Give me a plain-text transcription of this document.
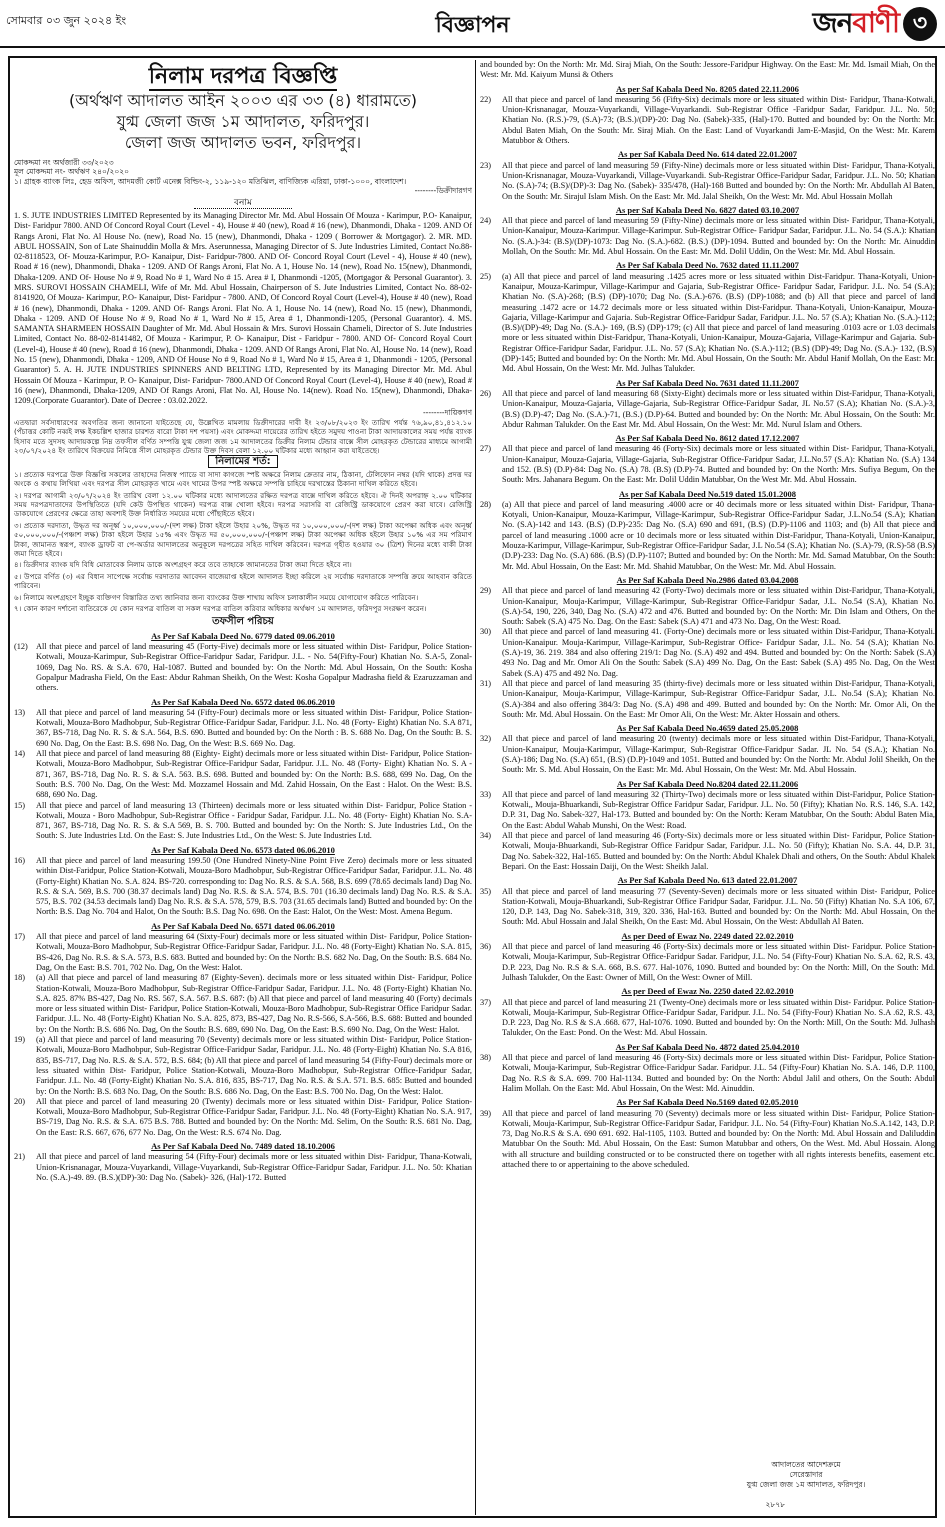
সোমবার ০৩ জুন ২০২৪ ইং	বিজ্ঞাপন	জনবাণী ৩
নিলাম দরপত্র বিজ্ঞপ্তি
(অর্থঋণ আদালত আইন ২০০৩ এর ৩৩ (৪) ধারামতে)
যুগ্ম জেলা জজ ১ম আদালত, ফরিদপুর।
জেলা জজ আদালত ভবন, ফরিদপুর।
মোকদ্দমা নং অর্থজারী ৩৩/২০২৩
মূল মোকদ্দমা নং- অর্থঋণ ২৪০/২০২০
১। গ্রাহক ব্যাংক লিঃ, হেড অফিস, আদমজী কোর্ট এনেক্স বিল্ডিং-২, ১১৯-১২০ মতিঝিল, বাণিজ্যিক এরিয়া, ঢাকা-১০০০, বাংলাদেশ।
--------ডিক্রীদারগণ
বনাম
1. S. JUTE INDUSTRIES LIMITED Represented by its Managing Director Mr. Md. Abul Hossain Of Mouza - Karimpur, P.O- Kanaipur, Dist- Faridpur 7800. AND Of Concord Royal Court (Level - 4), House # 40 (new), Road # 16 (new), Dhanmondi, Dhaka - 1209. AND Of Rangs Aroni, Flat No. Al House No. (new), Road No. 15 (new), Dhanmondi, Dhaka - 1209 ( Borrower & Mortgagor). 2. MR. MD. ABUL HOSSAIN, Son of Late Shainuddin Molla & Mrs. Aserunnessa, Managing Director of S. Jute Industries Limited, Contact No.88-02-8118523, Of- Mouza-Karimpur, P.O- Kanaipur, Dist- Faridpur-7800. AND Of- Concord Royal Court (Level - 4), House # 40 (new), Road # 16 (new), Dhanmondi, Dhaka - 1209. AND Of Rangs Aroni, Flat No. A 1, House No. 14 (new), Road No. 15(new), Dhanmondi, Dhaka-1209. AND Of- House No # 9, Road No # 1, Ward No # 15. Area # I, Dhanmondi -1205, (Mortgagor & Personal Guarantor). 3. MRS. SUROVI HOSSAIN CHAMELI, Wife of Mr. Md. Abul Hossain, Chairperson of S. Jute Industries Limited, Contact No. 88-02-8141920, Of Mouza- Karimpur, P.O- Kanaipur, Dist- Faridpur - 7800. AND, Of Concord Royal Court (Level-4), House # 40 (new), Road # 16 (new), Dhanmondi, Dhaka - 1209. AND Of- Rangs Aroni. Flat No. A 1, House No. 14 (new), Road No. 15 (new), Dhanmondi, Dhaka - 1209. AND Of House No # 9, Road No # 1, Ward No # 15, Area # 1, Dhanmondi-1205, (Personal Guarantor). 4. MS. SAMANTA SHARMEEN HOSSAIN Daughter of Mr. Md. Abul Hossain & Mrs. Surovi Hossain Chameli, Director of S. Jute Industries Limited, Contact No. 88-02-8141482, Of Mouza - Karimpur, P. O- Kanaipur, Dist - Faridpur - 7800. AND Of- Concord Royal Court (Level-4), House # 40 (new), Road # 16 (new), Dhanmondi, Dhaka - 1209. AND Of Rangs Aroni, Flat No. Al, House No. 14 (new), Road No. 15 (new), Dhanmondi, Dhaka - 1209, AND Of House No # 9, Road No # 1, Ward No # 15, Area # 1, Dhanmondi - 1205, (Personal Guarantor) 5. A. H. JUTE INDUSTRIES SPINNERS AND BELTING LTD, Represented by its Managing Director Mr. Md. Abul Hossain Of Mouza - Karimpur, P. O- Kanaipur, Dist- Faridpur- 7800.AND Of Concord Royal Court (Level-4), House # 40 (new), Road # 16 (new), Dhanmondi, Dhaka-1209, AND Of Rangs Aroni, Flat No. Al, House No. 14(new). Road No. 15(new), Dhanmondi, Dhaka-1209.(Corporate Guarantor). Date of Decree : 03.02.2022.
--------দায়িকগণ

এতদ্বারা সর্বসাধারণের অবগতির জন্য জানানো যাইতেছে যে, উল্লেখিত মামলায় ডিক্রীদারের দাবী ইং ২৩/০৮/২০২৩ ইং তারিখ পর্যন্ত ৭৬,৯০,৪১,৪১২.১০ (পঁচাত্তর কোটি নব্বই লক্ষ ইকচল্লিশ হাজার চারশত বারো টাকা দশ পয়সা) এবং মোকদ্দমা দায়েরের তারিখ হইতে সমুদয় পাওনা টাকা আদায়কালের সময় পর্যন্ত ব্যাংক হিসাব মতে সুদসহ আদায়কল্পে নিম্ন তফসীল বর্ণিত সম্পত্তি যুগ্ম জেলা জজ ১ম আদালতের ডিক্রীর নিলাম টেন্ডার বাক্সে সীল মোহরকৃত টেন্ডারের মাধ্যমে আগামী ২৩/০৭/২০২৪ ইং তারিখে বিক্রয়ের নিমিত্তে সীল মোহরকৃত টেন্ডার উক্ত দিবস বেলা ১২.০০ ঘটিকার মধ্যে আহ্বান করা যাইতেছে।

নিলামের শর্ত:

১। প্রত্যেক দরপত্রে উক্ত বিজ্ঞপ্তি সকলের তাহাদের নিজস্ব প্যাডে বা সাদা কাগজে স্পষ্ট অক্ষরে নিলাম ক্রেতার নাম, ঠিকানা, টেলিফোন নম্বর (যদি থাকে) প্রদত্ত দর অংকে ও কথায় লিখিয়া এবং দরপত্র সীল মোহরকৃত খামে এবং খামের উপর স্পষ্ট অক্ষরে সম্পত্তি চাহিয়ে দরখাস্তের ঠিকানা দাখিল করিতে হইবে।

২। দরপত্র আগামী ২৩/০৭/২০২৪ ইং তারিখ বেলা ১২.০০ ঘটিকার মধ্যে আদালতের রক্ষিত দরপত্র বাক্সে দাখিল করিতে হইবে। ঐ দিনই অপরাহ্ন ২.০০ ঘটিকার সময় দরপত্রদাতাদের উপস্থিতিতে (যদি কেউ উপস্থিত থাকেন) দরপত্র বাক্স খোলা হইবে। দরপত্র সরাসরি বা রেজিস্ট্রি ডাকযোগে প্রেরণ করা যাবে। রেজিস্ট্রি ডাকযোগে প্রেরণের ক্ষেত্রে তাহা অবশ্যই উক্ত নির্ধারিত সময়ের মধ্যে পৌঁছাইতে হইবে।

৩। প্রত্যেক দরদাতা, উদ্ধৃত দর অনূর্ধ্ব ১০,০০০,০০০/-(দশ লক্ষ) টাকা হইলে উহার ২০%, উদ্ধৃত দর ১০,০০০,০০০/-(দশ লক্ষ) টাকা অপেক্ষা অধিক এবং অনূর্ধ্ব ৫০,০০০,০০০/-(পঞ্চাশ লক্ষ) টাকা হইলে উহার ১৫% এবং উদ্ধৃত দর ৫০,০০০,০০০/-(পঞ্চাশ লক্ষ) টাকা অপেক্ষা অধিক হইলে উহার ১০% এর সম পরিমাণ টাকা, জামানত স্বরূপ, ব্যাংক ড্রাফট বা পে-অর্ডার আদালতের অনুকূলে দরপত্রের সহিত দাখিল করিবেন। দরপত্র গৃহীত হওয়ার ৩০ (ত্রিশ) দিনের মধ্যে বাকী টাকা জমা দিতে হইবে।

৪। ডিক্রীদার ব্যাংক যদি বিধি মোতাবেক নিলাম ডাকে অংশগ্রহণ করে তবে তাহাকে জামানতের টাকা জমা দিতে হইবে না।

৫। উপরে বর্ণিত (৩) এর বিধান সাপেক্ষে সর্বোচ্চ দরদাতার আবেদন বাজেয়াপ্ত হইলে আদালত ইচ্ছা করিলে ২য় সর্বোচ্চ দরদাতাকে সম্পত্তি ক্রয়ে আহবান করিতে পারিবেন।

৬। নিলামে অংশগ্রহণে ইচ্ছুক ব্যক্তিগণ বিস্তারিত তথ্য জানিবার জন্য ব্যাংকের উক্ত শাখায় অফিস চলাকালীন সময়ে যোগাযোগ করিতে পারিবেন।

৭। কোন কারণ দর্শানো ব্যতিরেকে যে কোন দরপত্র বাতিল বা সকল দরপত্র বাতিল করিবার অধিকার অর্থঋণ ১ম আদালত, ফরিদপুর সংরক্ষণ করেন।

তফসীল পরিচয়
As Per Saf Kabala Deed No. 6779 dated 09.06.2010
(12) All that piece and parcel of land measuring 45 (Forty-Five) decimals more or less situated within Dist- Faridpur, Police Station-Kotwali, Mouza-Karimpur, Sub-Registrar Office-Faridpur Sadar, Faridpur. J.L. - No. 54(Fifty-Four) Khatian No. S.A-5, Zonal-1069, Dag No. RS. & S.A. 670, Hal-1087. Butted and bounded by: On the North: Md. Abul Hossain, On the South: Kosha Gopalpur Madrasha Field, On the East: Abdur Rahman Sheikh, On the West: Kosha Gopalpur Madrasha field & Ezaruzzaman and others.
As Per Saf Kabala Deed No. 6572 dated 06.06.2010
13)	All that piece and parcel of land measuring 54 (Fifty-Four) decimals more or less situated within Dist- Faridpur, Police Station-Kotwali, Mouza-Boro Madhobpur, Sub-Registrar Office-Faridpur Sadar, Faridpur. J.L. No. 48 (Forty- Eight) Khatian No. S.A 871, 367, BS-718, Dag No. R. S. & S.A. 564, B.S. 690. Butted and bounded by: On the North : B. S. 688 No. Dag, On the South: B. S. 690 No. Dag, On the East: B.S. 698 No. Dag, On the West: B.S. 669 No. Dag.
14)	All that piece and parcel of land measuring 88 (Eighty- Eight) decimals more or less situated within Dist- Faridpur, Police Station-Kotwali, Mouza-Boro Madhobpur, Sub-Registrar Office-Faridpur Sadar, Faridpur. J.L. No. 48 (Forty- Eight) Khatian No. S. A - 871, 367, BS-718, Dag No. R. S. & S.A. 563. B.S. 698. Butted and bounded by: On the North: B.S. 688, 699 No. Dag, On the South: B.S. 700 No. Dag, On the West: Md. Mozzamel Hossain and Md. Zahid Hossain, On the East : Halot. On the West: B.S. 688, 690 No. Dag.
15)	All that piece and parcel of land measuring 13 (Thirteen) decimals more or less situated within Dist- Faridpur, Police Station - Kotwali, Mouza - Boro Madhobpur, Sub-Registrar Office - Faridpur Sadar, Faridpur. J.L. No. 48 (Forty- Eight) Khatian No. S.A-871, 367, BS-718, Dag No. R. S. & S.A 569, B. S. 700. Butted and bounded by: On the North: S. Jute Industries Ltd., On the South: S. Jute Industries Ltd. On the East: S. Jute Industries Ltd., On the West: S. Jute Industries Ltd.
As Per Saf Kabala Deed No. 6573 dated 06.06.2010
16)	All that piece and parcel of land measuring 199.50 (One Hundred Ninety-Nine Point Five Zero) decimals more or less situated within Dist-Faridpur, Police Station-Kotwali, Mouza-Boro Madhobpur, Sub-Registrar Office-Faridpur Sadar, Faridpur. J.L. No. 48 (Forty-Eight) Khatian No. S.A. 824. BS-720. corresponding to: Dag No. R.S. & S.A. 568, B.S. 699 (78.65 decimals land) Dag No. R.S. & S.A. 569, B.S. 700 (38.37 decimals land) Dag No. R.S. & S.A. 574, B.S. 701 (16.30 decimals land) Dag No. R.S. & S.A. 575, B.S. 702 (34.53 decimals land) Dag No. R.S. & S.A. 578, 579, B.S. 703 (31.65 decimals land) Butted and bounded by: On the North: B.S. Dag No. 704 and Halot, On the South: B.S. Dag No. 698. On the East: Halot, On the West: Most. Amena Begum.
As Per Saf Kabala Deed No. 6571 dated 06.06.2010
17)	All that piece and parcel of land measuring 64 (Sixty-Four) decimals more or less situated within Dist- Faridpur, Police Station-Kotwali, Mouza-Boro Madhobpur, Sub-Registrar Office-Faridpur Sadar, Faridpur. J.L. No. 48 (Forty-Eight) Khatian No. S.A. 815, BS-426, Dag No. R.S. & S.A. 573, B.S. 683. Butted and bounded by: On the North: B.S. 682 No. Dag, On the South: B.S. 684 No. Dag, On the East: B.S. 701, 702 No. Dag, On the West: Halot.
18)	(a) All that piece and parcel of land measuring 87 (Eighty-Seven). decimals more or less situated within Dist- Faridpur, Police Station-Kotwali, Mouza-Boro Madhobpur, Sub-Registrar Office-Faridpur Sadar, Faridpur. J.L. No. 48 (Forty-Eight) Khatian No. S.A. 825. 87% BS-427, Dag No. RS. 567, S.A. 567. B.S. 687: (b) All that piece and parcel of land measuring 40 (Forty) decimals more or less situated within Dist- Faridpur, Police Station-Kotwali, Mouza-Boro Madhobpur, Sub-Registrar Office Faridpur Sadar. Faridpur. J.L. No. 48 (Forty-Eight) Khatian No. S.A. 825, 873, BS-427, Dag No. R.S-566, S.A-566, B.S. 688: Butted and bounded by: On the North: B.S. 686 No. Dag, On the South: B.S. 689, 690 No. Dag, On the East: B.S. 690 No. Dag, On the West: Halot.
19)	(a) All that piece and parcel of land measuring 70 (Seventy) decimals more or less situated within Dist- Faridpur, Police Station-Kotwali, Mouza-Boro Madhobpur, Sub-Registrar Office-Faridpur Sadar, Faridpur. J.L. No. 48 (Forty-Eight) Khatian No. S.A 816, 835, BS-717, Dag No. R.S. & S.A. 572, B.S. 684; (b) All that piece and parcel of land measuring 54 (Fifty-Four) decimals more or less situated within Dist- Faridpur, Police Station-Kotwali, Mouza-Boro Madhobpur, Sub-Registrar Office-Faridpur Sadar, Faridpur. J.L. No. 48 (Forty-Eight) Khatian No. S.A. 816, 835, BS-717, Dag No. R.S. & S.A. 571. B.S. 685: Butted and bounded by: On the North: B.S. 683 No. Dag, On the South: B.S. 686 No. Dag, On the East: B.S. 700 No. Dag, On the West: Halot.
20)	All that piece and parcel of land measuring 20 (Twenty) decimals more or less situated within Dist- Faridpur, Police Station-Kotwali, Mouza-Boro Madhobpur, Sub-Registrar Office-Faridpur Sadar, Faridpur. J.L. No. 48 (Forty-Eight) Khatian No. S.A. 917, BS-719, Dag No. R.S. & S.A. 675 B.S. 788. Butted and bounded by: On the North: Md. Selim, On the South: R.S. 681 No. Dag, On the East: R.S. 667, 676, 677 No. Dag, On the West: R.S. 674 No. Dag.
As Per Saf Kabala Deed No. 7489 dated 18.10.2006
21)	All that piece and parcel of land measuring 54 (Fifty-Four) decimals more or less situated within Dist- Faridpur, Thana-Kotwali, Union-Krisnanagar, Mouza-Vuyarkandi, Village-Vuyarkandi, Sub-Registrar Office-Faridpur Sadar, Faridpur. J.L. No. 50: Khatian No. (S.A.)-49. 89. (B.S.)(DP)-30: Dag No. (Sabek)- 326, (Hal)-172. Butted
and bounded by: On the North: Mr. Md. Siraj Miah, On the South: Jessore-Faridpur Highway. On the East: Mr. Md. Ismail Miah, On the West: Mr. Md. Kaiyum Munsi & Others
As per Saf Kabala Deed No. 8205 dated 22.11.2006
22)	All that piece and parcel of land measuring 56 (Fifty-Six) decimals more or less situated within Dist- Faridpur, Thana-Kotwali, Union-Krisnanagar, Mouza-Vuyarkandi, Village-Vuyarkandi. Sub-Registrar Office -Faridpur Sadar, Faridpur. J.L. No. 50; Khatian No. (R.S.)-79, (S.A)-73; (B.S.)/(DP)-20: Dag No. (Sabek)-335, (Hal)-170. Butted and bounded by: On the North: Mr. Abdul Baten Miah, On the South: Mr. Siraj Miah. On the East: Land of Vuyarkandi Jam-E-Masjid, On the West: Mr. Karem Matubbor & Others.
As per Saf Kabala Deed No. 614 dated 22.01.2007
23)	All that piece and parcel of land measuring 59 (Fifty-Nine) decimals more or less situated within Dist- Faridpur, Thana-Kotyali, Union-Krisnanagar, Mouza-Vuyarkandi, Village-Vuyarkandi. Sub-Registrar Office-Faridpur Sadar, Faridpur. J.L. No. 50; Khatian No. (S.A)-74; (B.S)/(DP)-3: Dag No. (Sabek)- 335/478, (Hal)-168 Butted and bounded by: On the North: Mr. Abdullah Al Baten, On the South: Mr. Sirajul Islam Mish. On the East: Mr. Md. Jalal Sheikh, On the West: Mr. Md. Abul Hossain Mollah
As per Saf Kabala Deed No. 6827 dated 03.10.2007
24)	All that piece and parcel of land measuring 59 (Fifty-Nine) decimals more or less situated within Dist- Faridpur, Thana-Kotyali, Union-Kanaipur, Mouza-Karimpur. Village-Karimpur. Sub-Registrar Office- Faridpur Sadar, Faridpur. J.L. No. 54 (S.A.): Khatian No. (S.A.)-34: (B.S)/(DP)-1073: Dag No. (S.A.)-682. (B.S.) (DP)-1094. Butted and bounded by: On the North: Mr. Ainuddin Mollah, On the South: Mr. Md. Abul Hossain. On the East: Mr. Md. Dolil Uddin, On the West: Mr. Md. Abul Hossain.
As Per Saf Kabala Deed No. 7632 dated 11.11.2007
25)	(a) All that piece and parcel of land measuring .1425 acres more or less situated within Dist-Faridpur. Thana-Kotyali, Union-Kanaipur, Mouza-Karimpur, Village-Karimpur and Gajaria, Sub-Registrar Office- Faridpur Sadar, Faridpur. J.L. No. 54 (S.A); Khatian No. (S.A)-268; (B.S) (DP)-1070; Dag No. (S.A.)-676. (B.S) (DP)-1088; and (b) All that piece and parcel of land measuring .1472 acre or 14.72 decimals more or less situated within Dist-Faridpur. Thana-Kotyali, Union-Kanaipur, Mouza-Gajaria, Village-Karimpur and Gajaria. Sub-Registrar Office-Faridpur Sadar, Faridpur. J.L. No. 57 (S.A); Khatian No. (S.A.)-112; (B.S)/(DP)-49; Dag No. (S.A.)- 169, (B.S) (DP)-179; (c) All that piece and parcel of land measuring .0103 acre or 1.03 decimals more or less situated within Dist-Faridpur, Thana-Kotyali, Union-Kanaipur, Mouza-Gajaria, Village-Karimpur and Gajaria. Sub-Registrar Office-Faridpur Sadar, Faridpur. J.L. No. 57 (S.A); Khatian No. (S.A.)-112; (B.S) (DP)-49; Dag No. (S.A.)- 132, (B.S) (DP)-145; Butted and bounded by: On the North: Mr. Md. Abul Hossain, On the South: Mr. Abdul Hanif Mollah, On the East: Mr. Md. Abul Hossain, On the West: Mr. Md. Julhas Talukder.
As Per Saf Kabala Deed No. 7631 dated 11.11.2007
26)	All that piece and parcel of land measuring 68 (Sixty-Eight) decimals more or less situated within Dist-Faridpur, Thana-Kotyali, Union-Kanaipur, Mouza-Gajaria, Village-Gajaria, Sub-Registrar Office-Faridpur Sadar, JL No.57 (S.A); Khatian No. (S.A.)-3, (B.S) (D.P)-47; Dag No. (S.A.)-71, (B.S.) (D.P)-64. Butted and bounded by: On the North: Mr. Abul Hossain, On the South: Mr. Abdur Rahman Talukder. On the East Mr. Md. Abul Hossain, On the West: Mr. Md. Nurul Islam and Others.
As Per Saf Kabala Deed No. 8612 dated 17.12.2007
27)	All that piece and parcel of land measuring 46 (Forty-Six) decimals more or less situated within Dist- Faridpur, Thana-Kotyali, Union-Kanaipur, Mouza-Gajaria, Village-Gajaria, Sub-Registrar Office-Faridpur Sadar, J.L.No.57 (S.A): Khatian No. (S.A) 134 and 152. (B.S) (D.P)-84: Dag No. (S.A) 78. (B.S) (D.P)-74. Butted and bounded by: On the North: Mrs. Sufiya Begum, On the South: Mrs. Jahanara Begum. On the East: Mr. Dolil Uddin Matubbar, On the West Mr. Md. Abul Hossain.
As per Saf Kabala Deed No.519 dated 15.01.2008
28)	(a) All that piece and parcel of land measuring .4000 acre or 40 decimals more or less situated within Dist- Faridpur, Thana-Kotyali, Union-Kanaipur, Mouza-Karimpur, Village-Karimpur, Sub-Registrar Office-Faridpur Sadar, J.L.No.54 (S.A); Khatian No. (S.A)-142 and 143. (B.S) (D.P)-235: Dag No. (S.A) 690 and 691, (B.S) (D.P)-1106 and 1103; and (b) All that piece and parcel of land measuring .1000 acre or 10 decimals more or less situated within Dist-Faridpur, Thana-Kotyali, Union-Kanaipur, Mouza-Karimpur, Village-Karimpur, Sub-Registrar Office-Faridpur Sadar, J.L No.54 (S.A); Khatian No. (S.A)-79, (R.S)-58 (B.S) (D.P)-233: Dag No. (S.A) 686. (B.S) (D.P)-1107; Butted and bounded by: On the North: Mr. Md. Samad Matubbar, On the South: Mr. Md. Abul Hossain, On the East: Mr. Md. Shahid Matubbar, On the West: Mr. Md. Abul Hossain.
As Per Saf Kabala Deed No.2986 dated 03.04.2008
29)	All that piece and parcel of land measuring 42 (Forty-Two) decimals more or less situated within Dist-Faridpur, Thana-Kotyali, Union-Kanaipur, Mouja-Karimpur, Village-Karimpur, Sub-Registrar Office-Faridpur Sadar, J.L. No.54 (S.A), Khatian No. (S.A)-54, 190, 226, 340, Dag No. (S.A) 472 and 476. Butted and bounded by: On the North: Mr. Din Islam and Others, On the South: Sabek (S.A) 475 No. Dag. On the East: Sabek (S.A) 471 and 473 No. Dag, On the West: Road.
30)	All that piece and parcel of land measuring 41. (Forty-One) decimals more or less situated within Dist-Faridpur, Thana-Kotyali. Union-Kanaipur. Mouja-Karimpur, Village-Karimpur, Sub-Registrar Office- Faridpur Sadar, J.L. No. 54 (S.A); Khatian No. (S.A)-19, 36. 219. 384 and also offering 219/1: Dag No. (S.A) 492 and 494. Butted and bounded by: On the North: Sabek (S.A) 493 No. Dag and Mr. Omor Ali On the South: Sabek (S.A) 499 No. Dag, On the East: Sabek (S.A) 495 No. Dag, On the West Sabek (S.A) 475 and 492 No. Dag.
31)	All that piece and parcel of land measuring 35 (thirty-five) decimals more or less situated within Dist-Faridpur, Thana-Kotyali, Union-Kanaipur, Mouja-Karimpur, Village-Karimpur, Sub-Registrar Office-Faridpur Sadar, J.L. No.54 (S.A); Khatian No. (S.A)-384 and also offering 384/3: Dag No. (S.A) 498 and 499. Butted and bounded by: On the North: Mr. Omor Ali, On the South: Mr. Md. Abul Hossain. On the East: Mr Omor Ali, On the West: Mr. Akter Hossain and others.
As Per Saf Kabala Deed No.4659 dated 25.05.2008
32)	All that piece and parcel of land measuring 20 (twenty) decimals more or less situated within Dist-Faridpur, Thana-Kotyali, Union-Kanaipur, Mouja-Karimpur, Village-Karimpur, Sub-Registrar Office-Faridpur Sadar. JL No. 54 (S.A.); Khatian No. (S.A)-186; Dag No. (S.A) 651, (B.S) (D.P)-1049 and 1051. Butted and bounded by: On the North: Mr. Abdul Jolil Sheikh, On the South: Mr. S. Md. Abul Hossain, On the East: Mr. Md. Abul Hossain, On the West: Mr. Md. Abul Hossain.
As Per Saf Kabala Deed No.8204 dated 22.11.2006
33)	All that piece and parcel of land measuring 32 (Thirty-Two) decimals more or less situated within Dist-Faridpur, Police Station-Kotwali,, Mouja-Bhuarkandi, Sub-Registrar Office Faridpur Sadar, Faridpur. J.L. No. 50 (Fifty); Khatian No. R.S. 146, S.A. 142, D.P. 31, Dag No. Sabek-327, Hal-173. Butted and bounded by: On the North: Keram Matubbar, On the South: Abdul Baten Mia, On the East: Abdul Wahab Munshi, On the West: Road.
34)	All that piece and parcel of land measuring 46 (Forty-Six) decimals more or less situated within Dist- Faridpur, Police Station-Kotwali, Mouja-Bhuarkandi, Sub-Registrar Office Faridpur Sadar, Faridpur. J.L. No. 50 (Fifty); Khatian No. S.A. 44, D.P. 31, Dag No. Sabek-322, Hal-165. Butted and bounded by: On the North: Abdul Khalek Dhali and others, On the South: Abdul Khalek Bepari. On the East: Hossain Daiji, On the West: Sheikh Jalal.
As Per Saf Kabala Deed No. 613 dated 22.01.2007
35)	All that piece and parcel of land measuring 77 (Seventy-Seven) decimals more or less situated within Dist- Faridpur, Police Station-Kotwali, Mouja-Bhuarkandi, Sub-Registrar Office Faridpur Sadar, Faridpur. J.L. No. 50 (Fifty) Khatian No. S.A 106, 67, 120, D.P. 143, Dag No. Sabek-318, 319, 320. 336, Hal-163. Butted and bounded by: On the North: Md. Abul Hossain, On the South: Md. Abul Hossain and Jalal Sheikh, On the East: Md. Abul Hossain, On the West: Abdullah Al Baten.
As per Deed of Ewaz No. 2249 dated 22.02.2010
36)	All that piece and parcel of land measuring 46 (Forty-Six) decimals more or less situated within Dist- Faridpur. Police Station-Kotwali, Mouja-Karimpur, Sub-Registrar Office-Faridpur Sadar. Faridpur, J.L. No. 54 (Fifty-Four) Khatian No. S.A. 62, R.S. 43, D.P. 223, Dag No. R.S & S.A. 668, B.S. 677. Hal-1076, 1090. Butted and bounded by: On the North: Mill, On the South: Md. Julhash Talukder, On the East: Owner of Mill, On the West: Owner of Mill.
As per Deed of Ewaz No. 2250 dated 22.02.2010
37)	All that piece and parcel of land measuring 21 (Twenty-One) decimals more or less situated within Dist- Faridpur. Police Station-Kotwali, Mouja-Karimpur, Sub-Registrar Office-Faridpur Sadar, Faridpur. J.L. No. 54 (Fifty-Four) Khatian No. S.A .62, R.S. 43, D.P. 223, Dag No. R.S & S.A .668. 677, Hal-1076. 1090. Butted and bounded by: On the North: Mill, On the South: Md. Julhash Talukder, On the East: Pond. On the West: Md. Abul Hossain.
As Per Saf Kabala Deed No. 4872 dated 25.04.2010
38)	All that piece and parcel of land measuring 46 (Forty-Six) decimals more or less situated within Dist- Faridpur, Police Station-Kotwali, Mouja-Karimpur, Sub-Registrar Office-Faridpur Sadar. Faridpur. J.L. 54 (Fifty-Four) Khatian No. S.A. 146, D.P. 1100, Dag No. R.S & S.A. 699. 700 Hal-1134. Butted and bounded by: On the North: Abdul Jalil and others, On the South: Abdul Halim Mollah. On the East: Md. Abul Hossain, On the West: Md. Ainuddin.
As Per Saf Kabala Deed No.5169 dated 02.05.2010
39)	All that piece and parcel of land measuring 70 (Seventy) decimals more or less situated within Dist- Faridpur, Police Station-Kotwali, Mouja-Karimpur, Sub-Registrar Office-Faridpur Sadar, Faridpur. J.L. No. 54 (Fifty-Four) Khatian No.S.A.142, 143, D.P. 73, Dag No.R.S & S.A. 690 691. 692. Hal-1105, 1103. Butted and bounded by: On the North: Md. Abul Hossain and Daliluddin Matubbar On the South: Md. Abul Hossain, On the East: Sumon Matubbar and others, On the West. Md. Abul Hossain. Along with all structure and building constructed or to be constructed there on together with all rights interests benefits, easement etc. attached there to or appertaining to the above scheduled.
আদালতের আদেশক্রমে
সেরেস্তাদার
যুগ্ম জেলা জজ ১ম আদালত, ফরিদপুর।
২৮৭৮
